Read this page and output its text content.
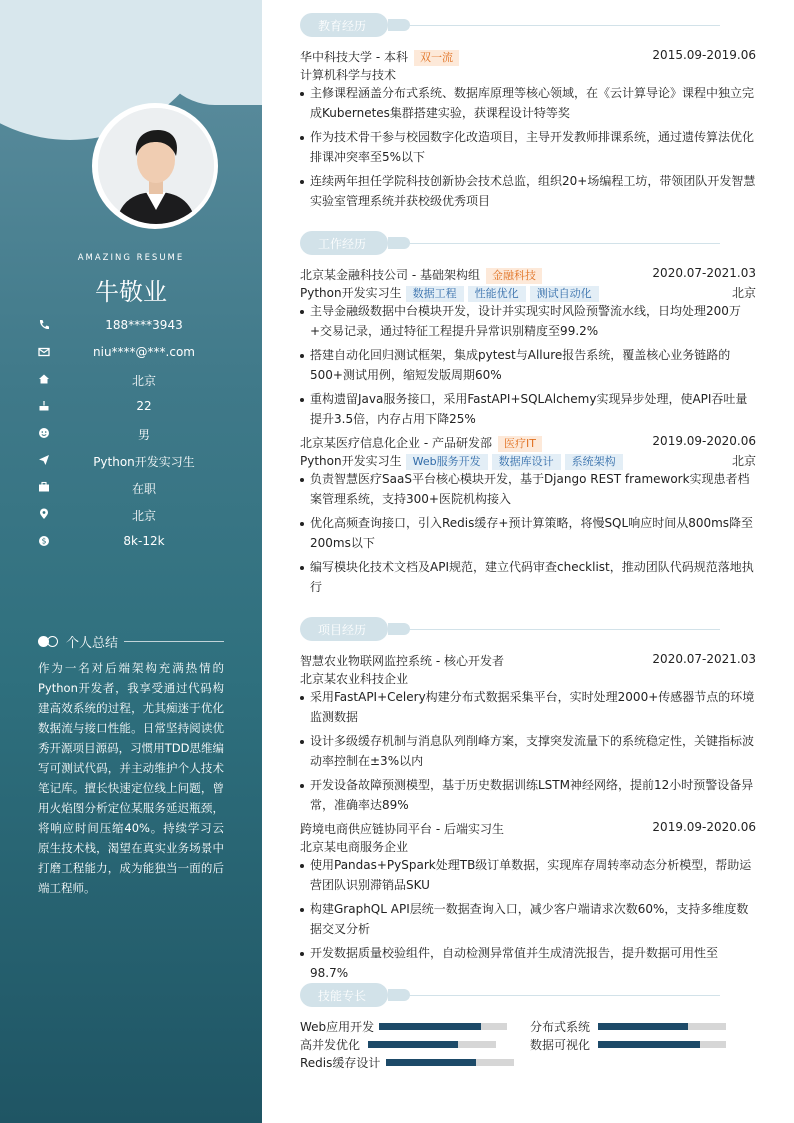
AMAZING RESUME
牛敬业
188****3943
niu****@***.com
北京
22
男
Python开发实习生
在职
北京
$	8k-12k
个人总结
作为一名对后端架构充满热情的Python开发者，我享受通过代码构建高效系统的过程，尤其痴迷于优化数据流与接口性能。日常坚持阅读优秀开源项目源码，习惯用TDD思维编写可测试代码，并主动维护个人技术笔记库。擅长快速定位线上问题，曾用火焰图分析定位某服务延迟瓶颈，将响应时间压缩40%。持续学习云原生技术栈，渴望在真实业务场景中打磨工程能力，成为能独当一面的后端工程师。
教育经历
华中科技大学 - 本科 双一流	2015.09-2019.06
计算机科学与技术
主修课程涵盖分布式系统、数据库原理等核心领域，在《云计算导论》课程中独立完成Kubernetes集群搭建实验，获课程设计特等奖
作为技术骨干参与校园数字化改造项目，主导开发教师排课系统，通过遗传算法优化排课冲突率至5%以下
连续两年担任学院科技创新协会技术总监，组织20+场编程工坊，带领团队开发智慧实验室管理系统并获校级优秀项目
工作经历
北京某金融科技公司 - 基础架构组 金融科技	2020.07-2021.03
Python开发实习生 数据工程 性能优化 测试自动化	北京
主导金融级数据中台模块开发，设计并实现实时风险预警流水线，日均处理200万+交易记录，通过特征工程提升异常识别精度至99.2%
搭建自动化回归测试框架，集成pytest与Allure报告系统，覆盖核心业务链路的500+测试用例，缩短发版周期60%
重构遗留Java服务接口，采用FastAPI+SQLAlchemy实现异步处理，使API吞吐量提升3.5倍，内存占用下降25%
北京某医疗信息化企业 - 产品研发部 医疗IT	2019.09-2020.06
Python开发实习生 Web服务开发 数据库设计 系统架构	北京
负责智慧医疗SaaS平台核心模块开发，基于Django REST framework实现患者档案管理系统，支持300+医院机构接入
优化高频查询接口，引入Redis缓存+预计算策略，将慢SQL响应时间从800ms降至200ms以下
编写模块化技术文档及API规范，建立代码审查checklist，推动团队代码规范落地执行
项目经历
智慧农业物联网监控系统 - 核心开发者	2020.07-2021.03
北京某农业科技企业
采用FastAPI+Celery构建分布式数据采集平台，实时处理2000+传感器节点的环境监测数据
设计多级缓存机制与消息队列削峰方案，支撑突发流量下的系统稳定性，关键指标波动率控制在±3%以内
开发设备故障预测模型，基于历史数据训练LSTM神经网络，提前12小时预警设备异常，准确率达89%
跨境电商供应链协同平台 - 后端实习生	2019.09-2020.06
北京某电商服务企业
使用Pandas+PySpark处理TB级订单数据，实现库存周转率动态分析模型，帮助运营团队识别滞销品SKU
构建GraphQL API层统一数据查询入口，减少客户端请求次数60%，支持多维度数据交叉分析
开发数据质量校验组件，自动检测异常值并生成清洗报告，提升数据可用性至98.7%
技能专长
Web应用开发	分布式系统
高并发优化	数据可视化
Redis缓存设计
